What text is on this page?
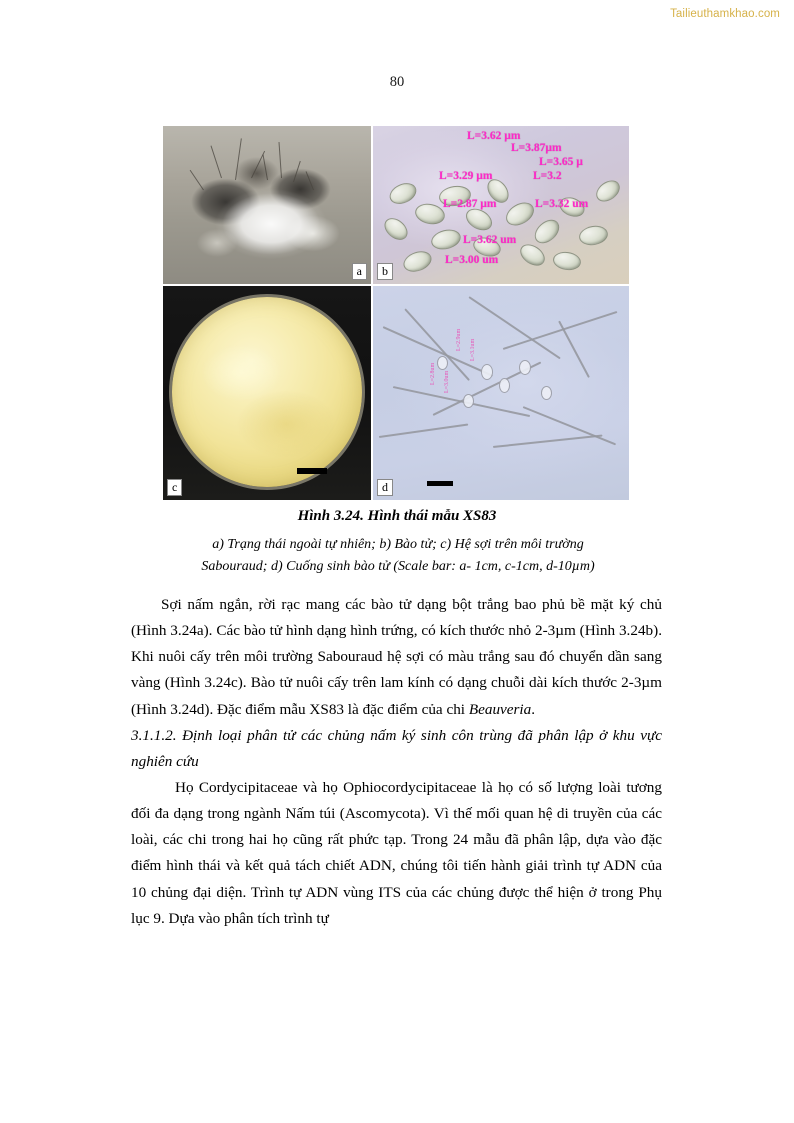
Tailieuthamkhao.com
80
a
L=3.62 µm
L=3.87µm
L=3.65 µ
L=3.29 µm	L=3.2
L=2.87 µm	L=3.32 um
L=3.62 um
L=3.00 um
b
c
L=2.9um L=3.1um
L=2.8um L=3.0um
d
Hình 3.24. Hình thái mẫu XS83
a) Trạng thái ngoài tự nhiên; b) Bào tử; c) Hệ sợi trên môi trường
Sabouraud; d) Cuống sinh bào tử (Scale bar: a- 1cm, c-1cm, d-10µm)

Sợi nấm ngắn, rời rạc mang các bào tử dạng bột trắng bao phủ bề mặt ký chủ (Hình 3.24a). Các bào tử hình dạng hình trứng, có kích thước nhỏ 2-3µm (Hình 3.24b). Khi nuôi cấy trên môi trường Sabouraud hệ sợi có màu trắng sau đó chuyển dần sang vàng (Hình 3.24c). Bào tử nuôi cấy trên lam kính có dạng chuỗi dài kích thước 2-3µm (Hình 3.24d). Đặc điểm mẫu XS83 là đặc điểm của chi Beauveria.

3.1.1.2. Định loại phân tử các chủng nấm ký sinh côn trùng đã phân lập ở khu vực nghiên cứu

Họ Cordycipitaceae và họ Ophiocordycipitaceae là họ có số lượng loài tương đối đa dạng trong ngành Nấm túi (Ascomycota). Vì thế mối quan hệ di truyền của các loài, các chi trong hai họ cũng rất phức tạp. Trong 24 mẫu đã phân lập, dựa vào đặc điểm hình thái và kết quả tách chiết ADN, chúng tôi tiến hành giải trình tự ADN của 10 chủng đại diện. Trình tự ADN vùng ITS của các chủng được thể hiện ở trong Phụ lục 9. Dựa vào phân tích trình tự
